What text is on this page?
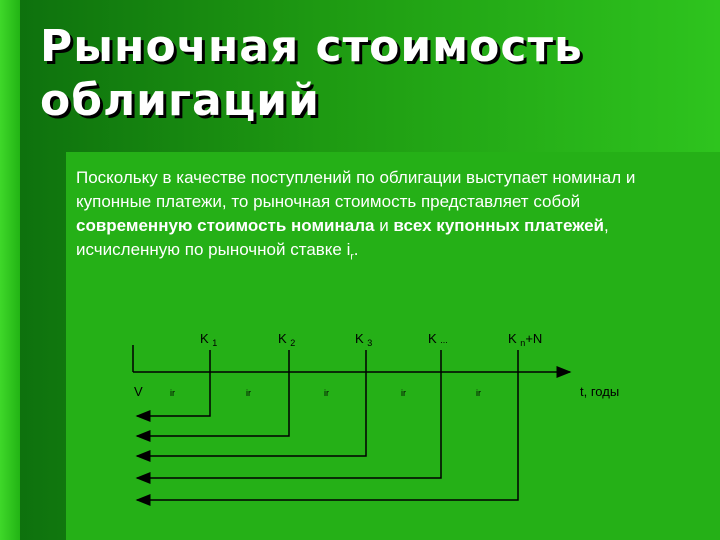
Рыночная стоимость
облигаций
Поскольку в качестве поступлений по облигации выступает номинал и купонные платежи, то рыночная стоимость представляет собой современную стоимость номинала и всех купонных платежей, исчисленную по рыночной ставке $i_r$.
K $_1$	K $_2$	K $_3$	K ...	K $_n$+N
V	ir	ir	ir	ir	ir	t, годы
